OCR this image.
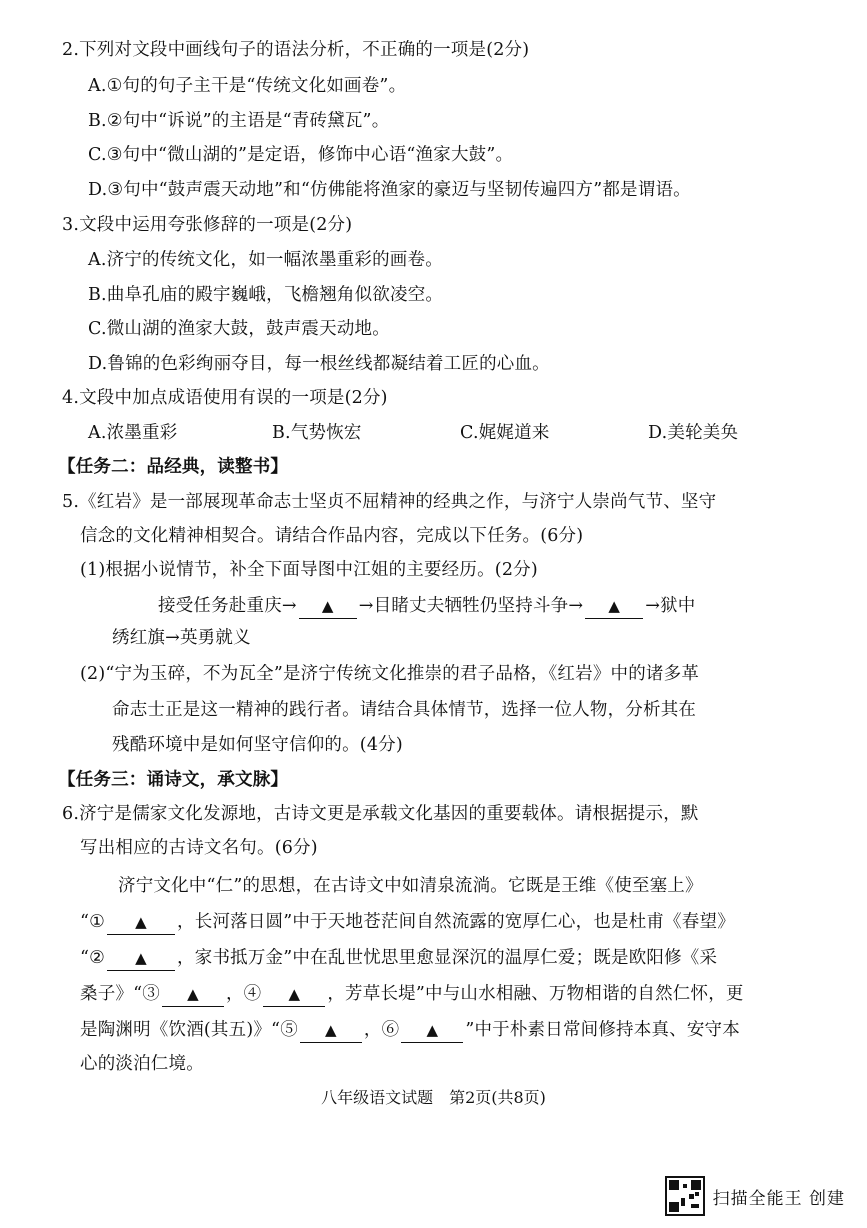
2.下列对文段中画线句子的语法分析，不正确的一项是(2分)
A.①句的句子主干是“传统文化如画卷”。
B.②句中“诉说”的主语是“青砖黛瓦”。
C.③句中“微山湖的”是定语，修饰中心语“渔家大鼓”。
D.③句中“鼓声震天动地”和“仿佛能将渔家的豪迈与坚韧传遍四方”都是谓语。
3.文段中运用夸张修辞的一项是(2分)
A.济宁的传统文化，如一幅浓墨重彩的画卷。
B.曲阜孔庙的殿宇巍峨，飞檐翘角似欲凌空。
C.微山湖的渔家大鼓，鼓声震天动地。
D.鲁锦的色彩绚丽夺目，每一根丝线都凝结着工匠的心血。
4.文段中加点成语使用有误的一项是(2分)
A.浓墨重彩	B.气势恢宏	C.娓娓道来	D.美轮美奂
【任务二：品经典，读整书】
5.《红岩》是一部展现革命志士坚贞不屈精神的经典之作，与济宁人崇尚气节、坚守
信念的文化精神相契合。请结合作品内容，完成以下任务。(6分)
(1)根据小说情节，补全下面导图中江姐的主要经历。(2分)
接受任务赴重庆→ ▲ →目睹丈夫牺牲仍坚持斗争→ ▲ →狱中
绣红旗→英勇就义
(2)“宁为玉碎，不为瓦全”是济宁传统文化推崇的君子品格，《红岩》中的诸多革
命志士正是这一精神的践行者。请结合具体情节，选择一位人物，分析其在
残酷环境中是如何坚守信仰的。(4分)
【任务三：诵诗文，承文脉】
6.济宁是儒家文化发源地，古诗文更是承载文化基因的重要载体。请根据提示，默
写出相应的古诗文名句。(6分)
济宁文化中“仁”的思想，在古诗文中如清泉流淌。它既是王维《使至塞上》
“① ▲ ，长河落日圆”中于天地苍茫间自然流露的宽厚仁心，也是杜甫《春望》
“② ▲ ，家书抵万金”中在乱世忧思里愈显深沉的温厚仁爱；既是欧阳修《采
桑子》“③ ▲ ，④ ▲ ，芳草长堤”中与山水相融、万物相谐的自然仁怀，更
是陶渊明《饮酒(其五)》“⑤ ▲ ，⑥ ▲ ”中于朴素日常间修持本真、安守本
心的淡泊仁境。
八年级语文试题　第2页(共8页)
扫描全能王 创建
